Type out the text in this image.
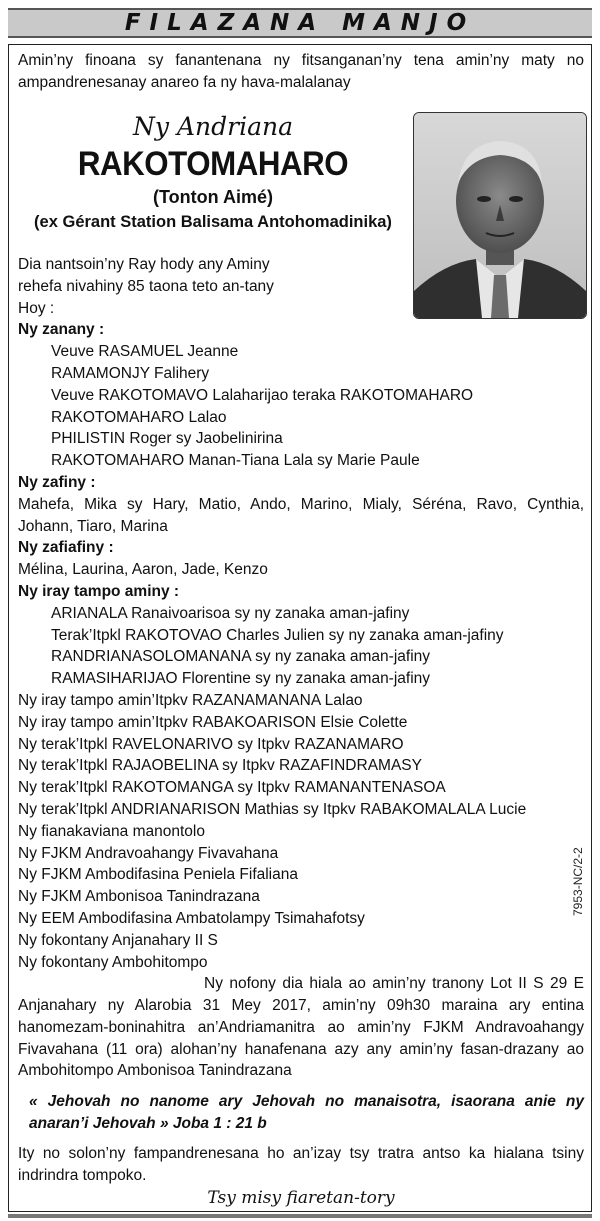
FILAZANA MANJO
Amin’ny finoana sy fanantenana ny fitsanganan’ny tena amin’ny maty no ampandrenesanay anareo fa ny hava-malalanay
Ny Andriana
RAKOTOMAHARO
(Tonton Aimé)
(ex Gérant Station Balisama Antohomadinika)
Dia nantsoin’ny Ray hody any Aminy
rehefa nivahiny 85 taona teto an-tany
Hoy :
Ny zanany :
Veuve RASAMUEL Jeanne
RAMAMONJY Falihery
Veuve RAKOTOMAVO Lalaharijao teraka RAKOTOMAHARO
RAKOTOMAHARO Lalao
PHILISTIN Roger sy Jaobelinirina
RAKOTOMAHARO Manan-Tiana Lala sy Marie Paule
Ny zafiny :
Mahefa, Mika sy Hary, Matio, Ando, Marino, Mialy, Séréna, Ravo, Cynthia, Johann, Tiaro, Marina
Ny zafiafiny :
Mélina, Laurina, Aaron, Jade, Kenzo
Ny iray tampo aminy :
ARIANALA Ranaivoarisoa sy ny zanaka aman-jafiny
Terak’Itpkl RAKOTOVAO Charles Julien sy ny zanaka aman-jafiny
RANDRIANASOLOMANANA sy ny zanaka aman-jafiny
RAMASIHARIJAO Florentine sy ny zanaka aman-jafiny
Ny iray tampo amin’Itpkv RAZANAMANANA Lalao
Ny iray tampo amin’Itpkv RABAKOARISON Elsie Colette
Ny terak’Itpkl RAVELONARIVO sy Itpkv RAZANAMARO
Ny terak’Itpkl RAJAOBELINA sy Itpkv RAZAFINDRAMASY
Ny terak’Itpkl RAKOTOMANGA sy Itpkv RAMANANTENASOA
Ny terak’Itpkl ANDRIANARISON Mathias sy Itpkv RABAKOMALALA Lucie
Ny fianakaviana manontolo
Ny FJKM Andravoahangy Fivavahana
Ny FJKM Ambodifasina Peniela Fifaliana
Ny FJKM Ambonisoa Tanindrazana
Ny EEM Ambodifasina Ambatolampy Tsimahafotsy
Ny fokontany Anjanahary II S
Ny fokontany Ambohitompo
Ny nofony dia hiala ao amin’ny tranony Lot II S 29 E Anjanahary ny Alarobia 31 Mey 2017, amin’ny 09h30 maraina ary entina hanomezam-boninahitra an’Andriamanitra ao amin’ny FJKM Andravoahangy Fivavahana (11 ora) alohan’ny hanafenana azy any amin’ny fasan-drazany ao Ambohitompo Ambonisoa Tanindrazana
« Jehovah no nanome ary Jehovah no manaisotra, isaorana anie ny anaran’i Jehovah » Joba 1 : 21 b
Ity no solon’ny fampandrenesana ho an’izay tsy tratra antso ka hialana tsiny indrindra tompoko.
Tsy misy fiaretan-tory
7953-NC/2-2
